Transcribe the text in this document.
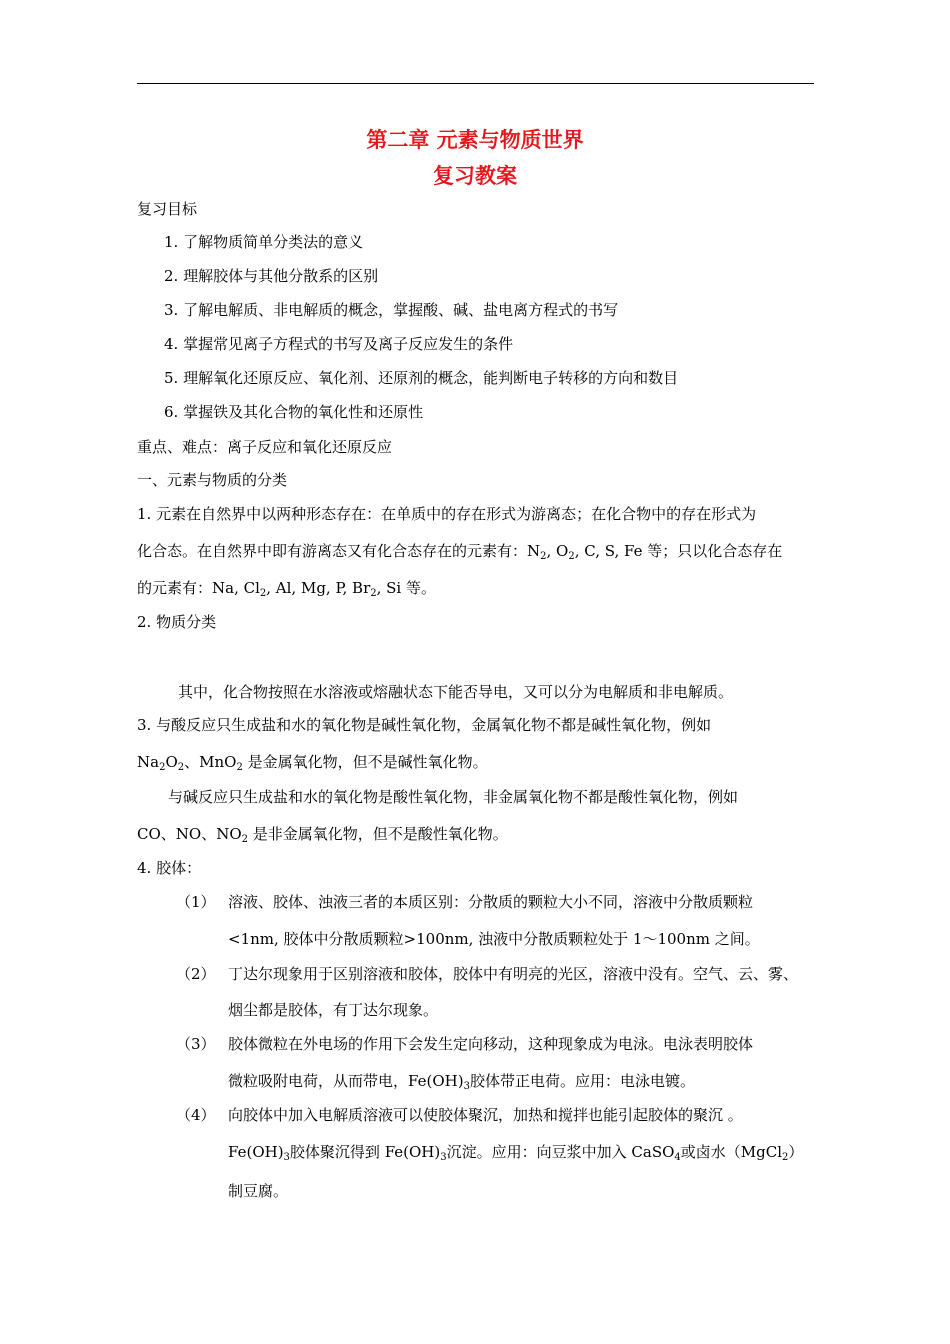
第二章 元素与物质世界
复习教案
复习目标
1. 了解物质简单分类法的意义
2. 理解胶体与其他分散系的区别
3. 了解电解质、非电解质的概念，掌握酸、碱、盐电离方程式的书写
4. 掌握常见离子方程式的书写及离子反应发生的条件
5. 理解氧化还原反应、氧化剂、还原剂的概念，能判断电子转移的方向和数目
6. 掌握铁及其化合物的氧化性和还原性
重点、难点：离子反应和氧化还原反应
一、元素与物质的分类
1. 元素在自然界中以两种形态存在：在单质中的存在形式为游离态；在化合物中的存在形式为
化合态。在自然界中即有游离态又有化合态存在的元素有：$N_2$, $O_2$, C, S, Fe 等；只以化合态存在
的元素有：Na, $Cl_2$, Al, Mg, P, $Br_2$, Si 等。
2. 物质分类
其中，化合物按照在水溶液或熔融状态下能否导电，又可以分为电解质和非电解质。
3. 与酸反应只生成盐和水的氧化物是碱性氧化物，金属氧化物不都是碱性氧化物，例如
$Na_2O_2$、MnO$_2$ 是金属氧化物，但不是碱性氧化物。
与碱反应只生成盐和水的氧化物是酸性氧化物，非金属氧化物不都是酸性氧化物，例如
CO、NO、$NO_2$ 是非金属氧化物，但不是酸性氧化物。
4. 胶体：
（1） 溶液、胶体、浊液三者的本质区别：分散质的颗粒大小不同，溶液中分散质颗粒
<1nm, 胶体中分散质颗粒>100nm, 浊液中分散质颗粒处于 1～100nm 之间。
（2） 丁达尔现象用于区别溶液和胶体，胶体中有明亮的光区，溶液中没有。空气、云、雾、
烟尘都是胶体，有丁达尔现象。
（3） 胶体微粒在外电场的作用下会发生定向移动，这种现象成为电泳。电泳表明胶体
微粒吸附电荷，从而带电，$Fe(OH)_3$胶体带正电荷。应用：电泳电镀。
（4） 向胶体中加入电解质溶液可以使胶体聚沉，加热和搅拌也能引起胶体的聚沉 。
$Fe(OH)_3$胶体聚沉得到 $Fe(OH)_3$沉淀。应用：向豆浆中加入 CaSO$_4$或卤水（MgCl$_2$）
制豆腐。
